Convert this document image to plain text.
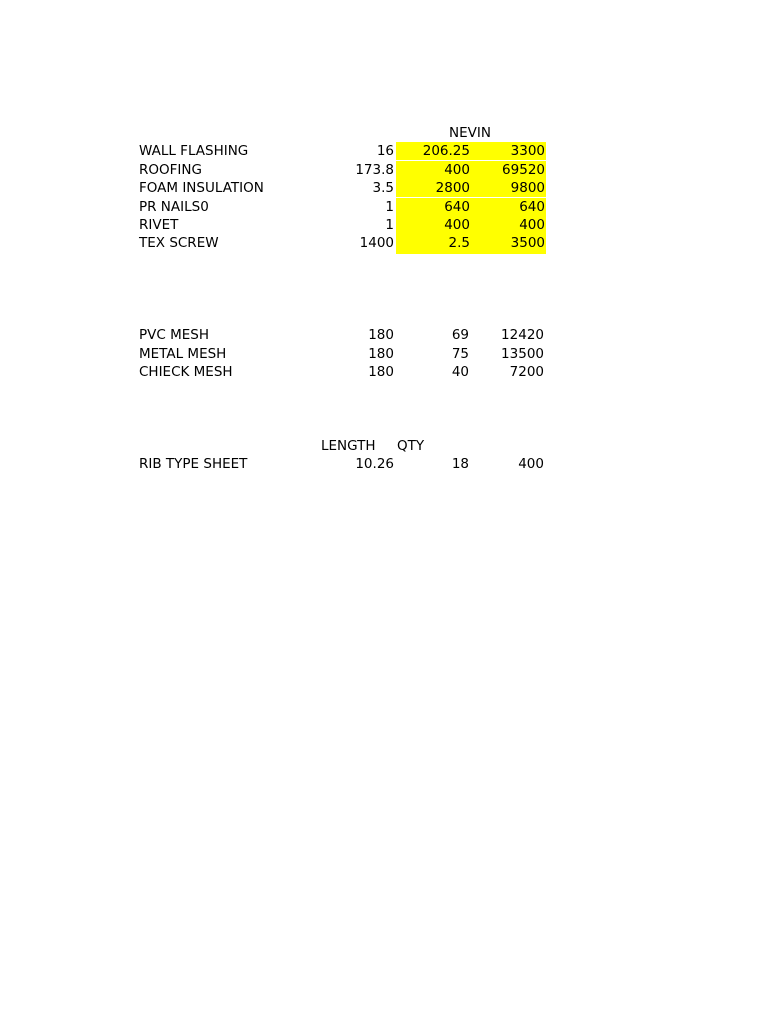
NEVIN
WALL FLASHING	16	206.25	3300
ROOFING	173.8	400	69520
FOAM INSULATION	3.5	2800	9800
PR NAILS0	1	640	640
RIVET	1	400	400
TEX SCREW	1400	2.5	3500
PVC MESH	180	69	12420
METAL MESH	180	75	13500
CHIECK MESH	180	40	7200
LENGTH QTY
RIB TYPE SHEET	10.26	18	400
